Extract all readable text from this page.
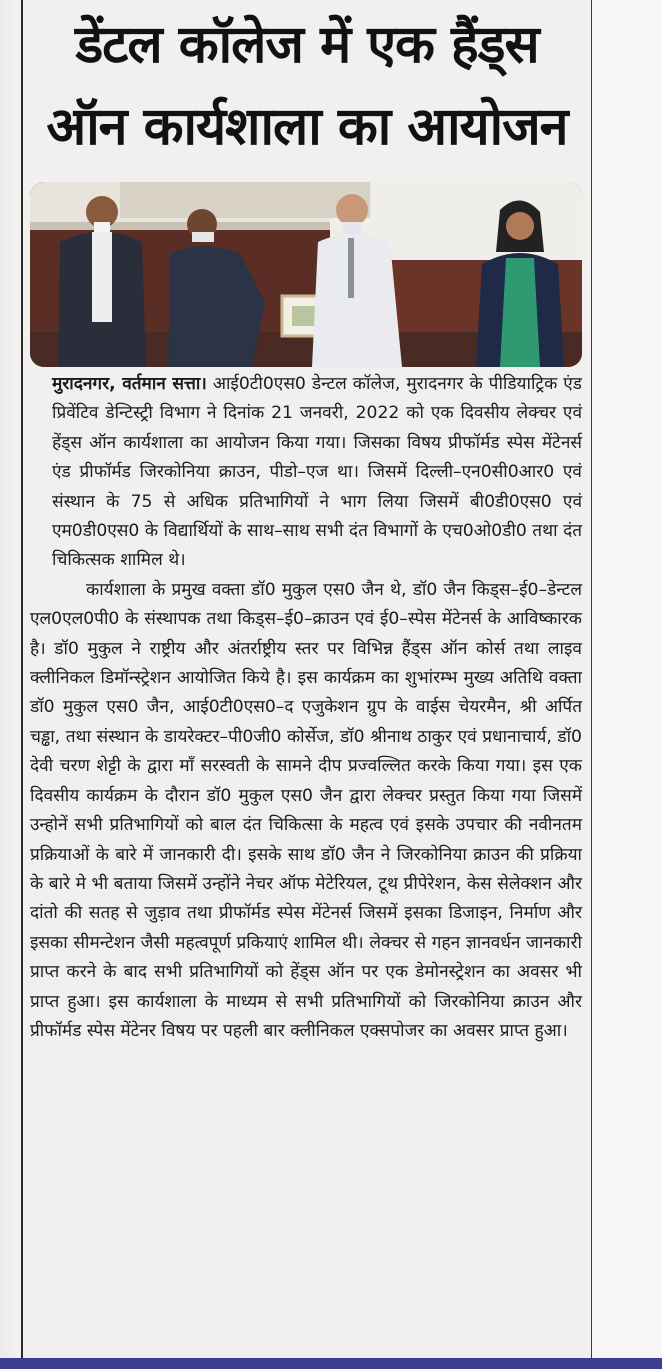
डेंटल कॉलेज में एक हैंड्स
ऑन कार्यशाला का आयोजन

मुरादनगर, वर्तमान सत्ता। आई0टी0एस0 डेन्टल कॉलेज, मुरादनगर के पीडियाट्रिक एंड प्रिवेंटिव डेन्टिस्ट्री विभाग ने दिनांक 21 जनवरी, 2022 को एक दिवसीय लेक्चर एवं हेंड्स ऑन कार्यशाला का आयोजन किया गया। जिसका विषय प्रीफॉर्मड स्पेस मेंटेनर्स एंड प्रीफॉर्मड जिरकोनिया क्राउन, पीडो–एज था। जिसमें दिल्ली–एन0सी0आर0 एवं संस्थान के 75 से अधिक प्रतिभागियों ने भाग लिया जिसमें बी0डी0एस0 एवं एम0डी0एस0 के विद्यार्थियों के साथ–साथ सभी दंत विभागों के एच0ओ0डी0 तथा दंत चिकित्सक शामिल थे।

कार्यशाला के प्रमुख वक्ता डॉ0 मुकुल एस0 जैन थे, डॉ0 जैन किड्स–ई0–डेन्टल एल0एल0पी0 के संस्थापक तथा किड्स–ई0–क्राउन एवं ई0–स्पेस मेंटेनर्स के आविष्कारक है। डॉ0 मुकुल ने राष्ट्रीय और अंतर्राष्ट्रीय स्तर पर विभिन्न हैंड्स ऑन कोर्स तथा लाइव क्लीनिकल डिमॉन्स्ट्रेशन आयोजित किये है। इस कार्यक्रम का शुभांरम्भ मुख्य अतिथि वक्ता डॉ0 मुकुल एस0 जैन, आई0टी0एस0–द एजुकेशन ग्रुप के वाईस चेयरमैन, श्री अर्पित चड्ढा, तथा संस्थान के डायरेक्टर–पी0जी0 कोर्सेज, डॉ0 श्रीनाथ ठाकुर एवं प्रधानाचार्य, डॉ0 देवी चरण शेट्टी के द्वारा माँ सरस्वती के सामने दीप प्रज्वल्लित करके किया गया। इस एक दिवसीय कार्यक्रम के दौरान डॉ0 मुकुल एस0 जैन द्वारा लेक्चर प्रस्तुत किया गया जिसमें उन्होनें सभी प्रतिभागियों को बाल दंत चिकित्सा के महत्व एवं इसके उपचार की नवीनतम प्रक्रियाओं के बारे में जानकारी दी। इसके साथ डॉ0 जैन ने जिरकोनिया क्राउन की प्रक्रिया के बारे मे भी बताया जिसमें उन्होंने नेचर ऑफ मेटेरियल, टूथ प्रीपेरेशन, केस सेलेक्शन और दांतो की सतह से जुड़ाव तथा प्रीफॉर्मड स्पेस मेंटेनर्स जिसमें इसका डिजाइन, निर्माण और इसका सीमन्टेशन जैसी महत्वपूर्ण प्रकियाएं शामिल थी। लेक्चर से गहन ज्ञानवर्धन जानकारी प्राप्त करने के बाद सभी प्रतिभागियों को हेंड्स ऑन पर एक डेमोनस्ट्रेशन का अवसर भी प्राप्त हुआ। इस कार्यशाला के माध्यम से सभी प्रतिभागियों को जिरकोनिया क्राउन और प्रीफॉर्मड स्पेस मेंटेनर विषय पर पहली बार क्लीनिकल एक्सपोजर का अवसर प्राप्त हुआ।
